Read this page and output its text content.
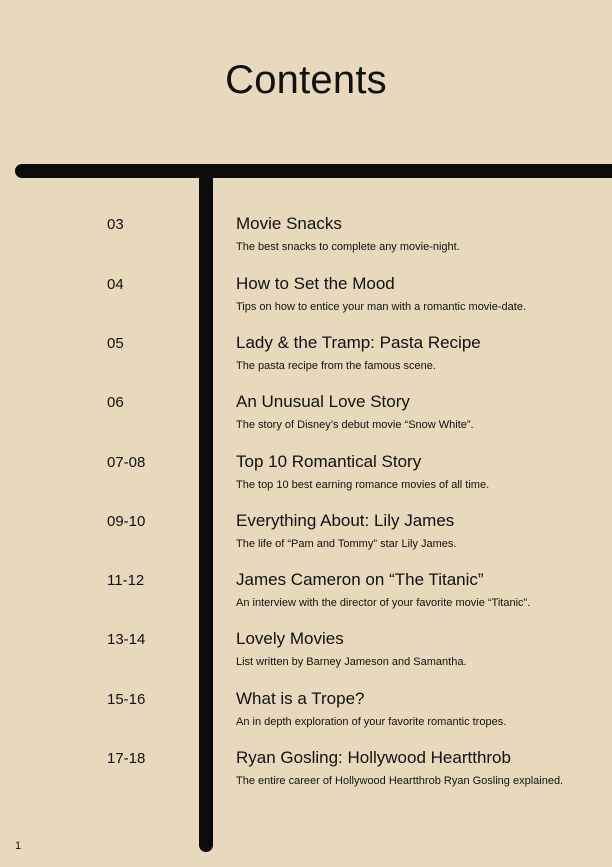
Contents
03	Movie Snacks
The best snacks to complete any movie-night.
04	How to Set the Mood
Tips on how to entice your man with a romantic movie-date.
05	Lady & the Tramp: Pasta Recipe
The pasta recipe from the famous scene.
06	An Unusual Love Story
The story of Disney’s debut movie “Snow White”.
07-08	Top 10 Romantical Story
The top 10 best earning romance movies of all time.
09-10	Everything About: Lily James
The life of “Pam and Tommy” star Lily James.
11-12	James Cameron on “The Titanic”
An interview with the director of your favorite movie “Titanic”.
13-14	Lovely Movies
List written by Barney Jameson and Samantha.
15-16	What is a Trope?
An in depth exploration of your favorite romantic tropes.
17-18	Ryan Gosling: Hollywood Heartthrob
The entire career of Hollywood Heartthrob Ryan Gosling explained.
1
